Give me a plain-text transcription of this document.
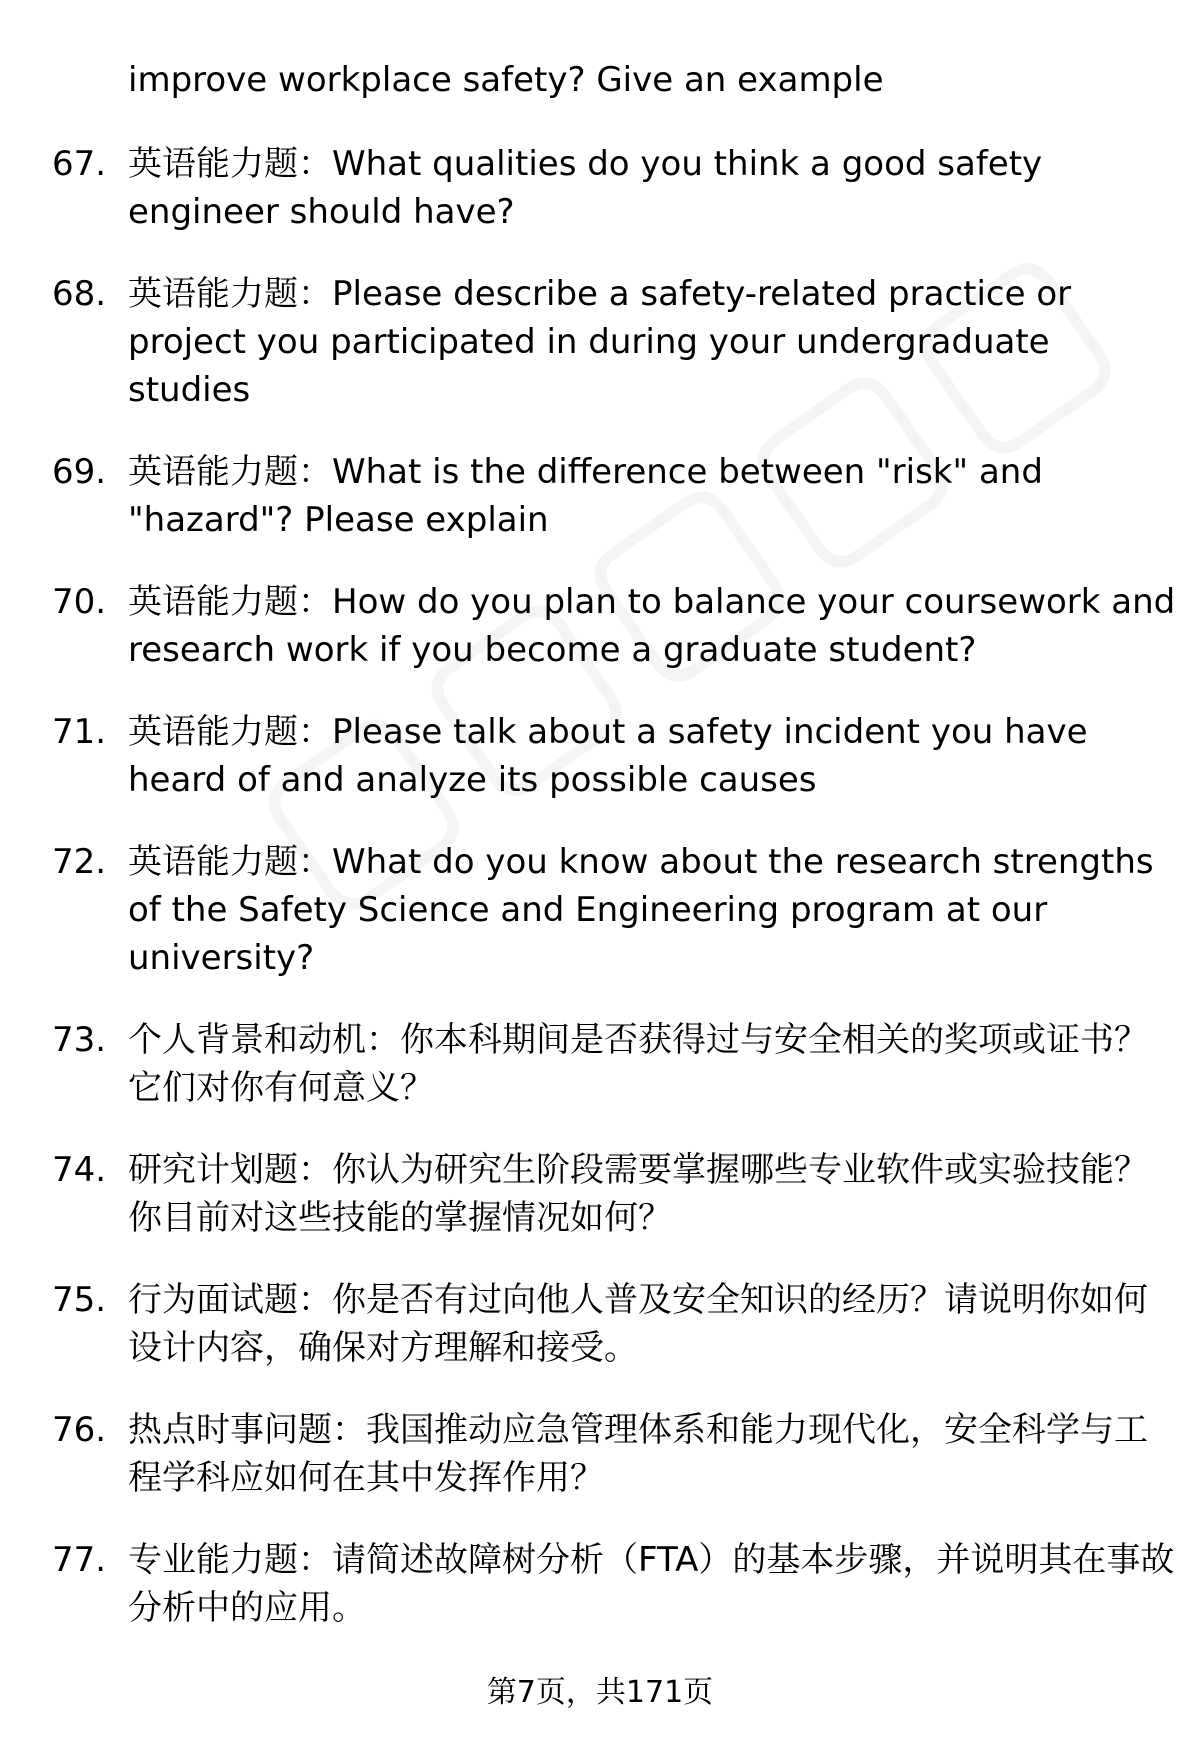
improve workplace safety? Give an example

67. 英语能力题：What qualities do you think a good safety engineer should have?
68. 英语能力题：Please describe a safety-related practice or project you participated in during your undergraduate studies
69. 英语能力题：What is the difference between "risk" and "hazard"? Please explain
70. 英语能力题：How do you plan to balance your coursework and research work if you become a graduate student?
71. 英语能力题：Please talk about a safety incident you have heard of and analyze its possible causes
72. 英语能力题：What do you know about the research strengths of the Safety Science and Engineering program at our university?
73. 个人背景和动机：你本科期间是否获得过与安全相关的奖项或证书？它们对你有何意义？
74. 研究计划题：你认为研究生阶段需要掌握哪些专业软件或实验技能？你目前对这些技能的掌握情况如何？
75. 行为面试题：你是否有过向他人普及安全知识的经历？请说明你如何设计内容，确保对方理解和接受。
76. 热点时事问题：我国推动应急管理体系和能力现代化，安全科学与工程学科应如何在其中发挥作用？
77. 专业能力题：请简述故障树分析（FTA）的基本步骤，并说明其在事故分析中的应用。
第7页，共171页
